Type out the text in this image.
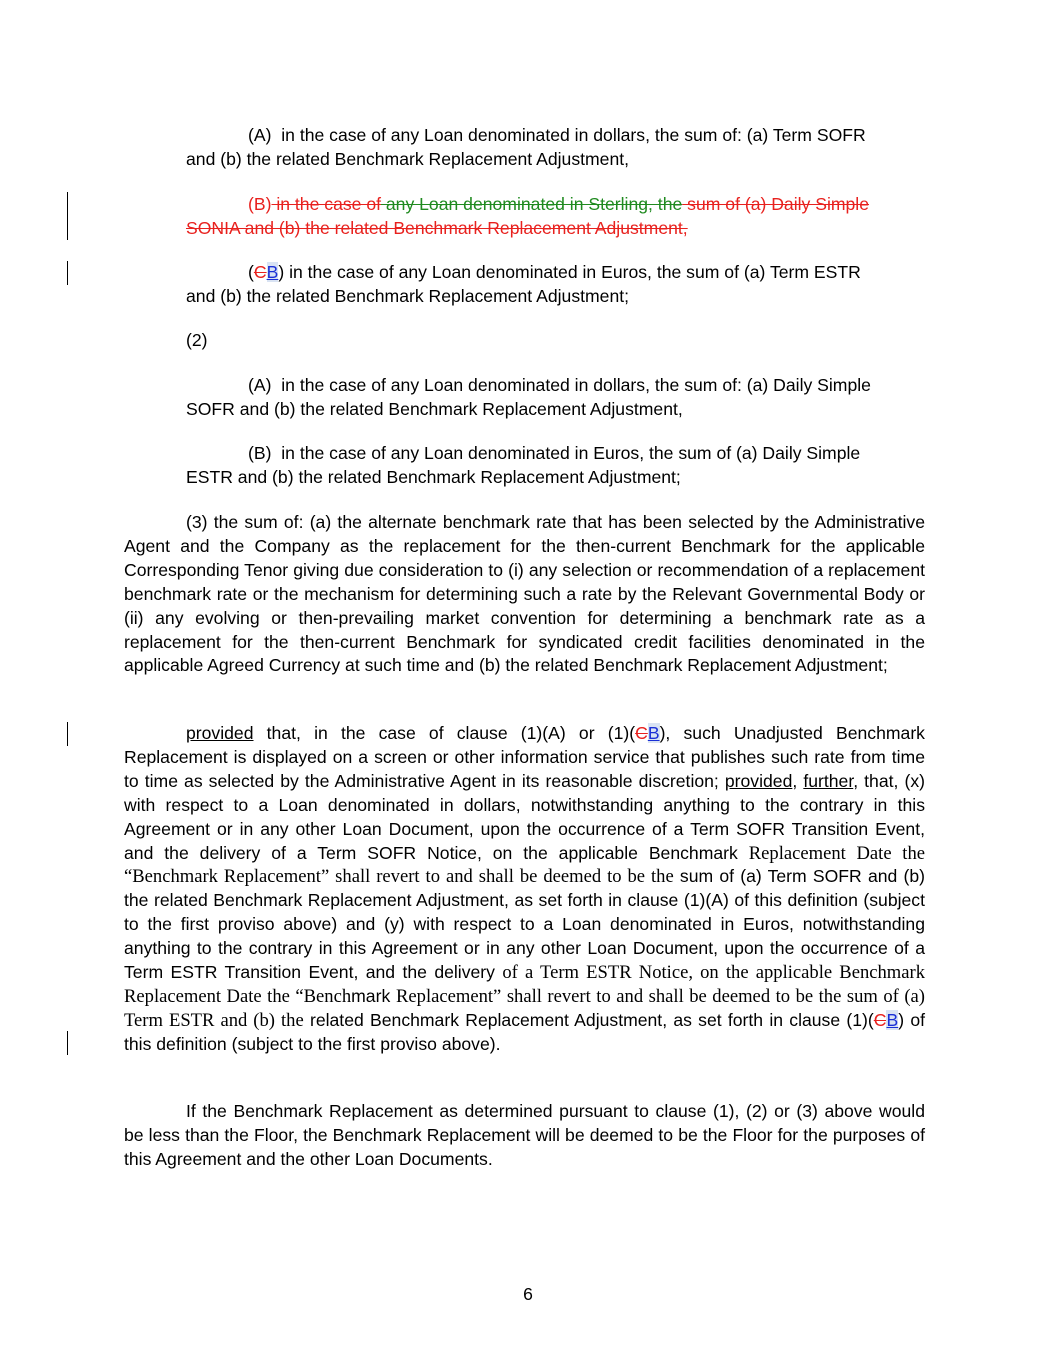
(A) in the case of any Loan denominated in dollars, the sum of: (a) Term SOFR
and (b) the related Benchmark Replacement Adjustment,
(B) in the case of any Loan denominated in Sterling, the sum of (a) Daily Simple
SONIA and (b) the related Benchmark Replacement Adjustment,
(CB) in the case of any Loan denominated in Euros, the sum of (a) Term ESTR
and (b) the related Benchmark Replacement Adjustment;
(2)
(A) in the case of any Loan denominated in dollars, the sum of: (a) Daily Simple
SOFR and (b) the related Benchmark Replacement Adjustment,
(B) in the case of any Loan denominated in Euros, the sum of (a) Daily Simple
ESTR and (b) the related Benchmark Replacement Adjustment;
(3) the sum of: (a) the alternate benchmark rate that has been selected by the Administrative Agent and the Company as the replacement for the then-current Benchmark for the applicable Corresponding Tenor giving due consideration to (i) any selection or recommendation of a replacement benchmark rate or the mechanism for determining such a rate by the Relevant Governmental Body or (ii) any evolving or then-prevailing market convention for determining a benchmark rate as a replacement for the then-current Benchmark for syndicated credit facilities denominated in the applicable Agreed Currency at such time and (b) the related Benchmark Replacement Adjustment;
provided that, in the case of clause (1)(A) or (1)(CB), such Unadjusted Benchmark Replacement is displayed on a screen or other information service that publishes such rate from time to time as selected by the Administrative Agent in its reasonable discretion; provided, further, that, (x) with respect to a Loan denominated in dollars, notwithstanding anything to the contrary in this Agreement or in any other Loan Document, upon the occurrence of a Term SOFR Transition Event, and the delivery of a Term SOFR Notice, on the applicable Benchmark Replacement Date the “Benchmark Replacement” shall revert to and shall be deemed to be the sum of (a) Term SOFR and (b) the related Benchmark Replacement Adjustment, as set forth in clause (1)(A) of this definition (subject to the first proviso above) and (y) with respect to a Loan denominated in Euros, notwithstanding anything to the contrary in this Agreement or in any other Loan Document, upon the occurrence of a Term ESTR Transition Event, and the delivery of a Term ESTR Notice, on the applicable Benchmark Replacement Date the “Benchmark Replacement” shall revert to and shall be deemed to be the sum of (a) Term ESTR and (b) the related Benchmark Replacement Adjustment, as set forth in clause (1)(CB) of this definition (subject to the first proviso above).
If the Benchmark Replacement as determined pursuant to clause (1), (2) or (3) above would be less than the Floor, the Benchmark Replacement will be deemed to be the Floor for the purposes of this Agreement and the other Loan Documents.
6
